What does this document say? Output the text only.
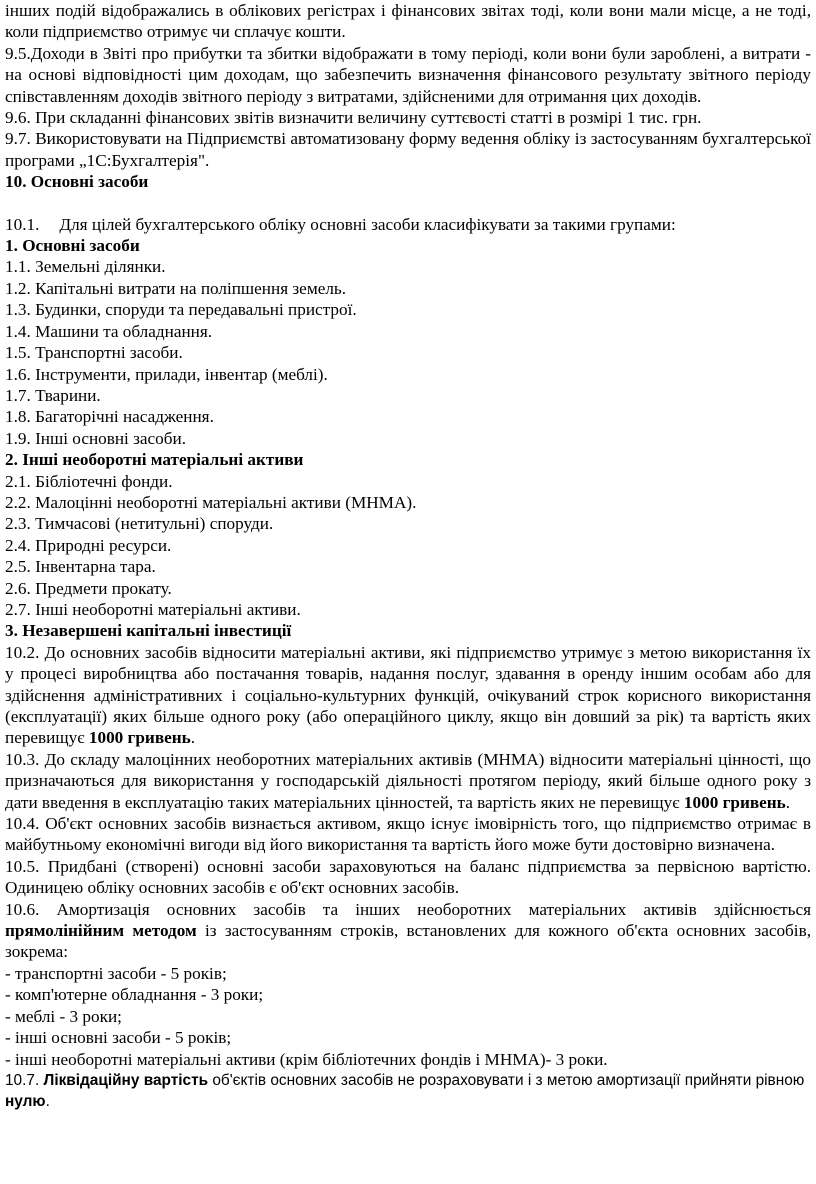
інших подій відображались в облікових регістрах і фінансових звітах тоді, коли вони мали місце, а не тоді, коли підприємство отримує чи сплачує кошти.

9.5.Доходи в Звіті про прибутки та збитки відображати в тому періоді, коли вони були зароблені, а витрати - на основі відповідності цим доходам, що забезпечить визначення фінансового результату звітного періоду співставленням доходів звітного періоду з витратами, здійсненими для отримання цих доходів.

9.6. При складанні фінансових звітів визначити величину суттєвості статті в розмірі 1 тис. грн.

9.7. Використовувати на Підприємстві автоматизовану форму ведення обліку із застосуванням бухгалтерської програми „1С:Бухгалтерія".

10. Основні засоби

10.1. Для цілей бухгалтерського обліку основні засоби класифікувати за такими групами:

1. Основні засоби

1.1. Земельні ділянки.

1.2. Капітальні витрати на поліпшення земель.

1.3. Будинки, споруди та передавальні пристрої.

1.4. Машини та обладнання.

1.5. Транспортні засоби.

1.6. Інструменти, прилади, інвентар (меблі).

1.7. Тварини.

1.8. Багаторічні насадження.

1.9. Інші основні засоби.

2. Інші необоротні матеріальні активи

2.1. Бібліотечні фонди.

2.2. Малоцінні необоротні матеріальні активи (МНМА).

2.3. Тимчасові (нетитульні) споруди.

2.4. Природні ресурси.

2.5. Інвентарна тара.

2.6. Предмети прокату.

2.7. Інші необоротні матеріальні активи.

3. Незавершені капітальні інвестиції

10.2. До основних засобів відносити матеріальні активи, які підприємство утримує з метою використання їх у процесі виробництва або постачання товарів, надання послуг, здавання в оренду іншим особам або для здійснення адміністративних і соціально-культурних функцій, очікуваний строк корисного використання (експлуатації) яких більше одного року (або операційного циклу, якщо він довший за рік) та вартість яких перевищує 1000 гривень.

10.3. До складу малоцінних необоротних матеріальних активів (МНМА) відносити матеріальні цінності, що призначаються для використання у господарській діяльності протягом періоду, який більше одного року з дати введення в експлуатацію таких матеріальних цінностей, та вартість яких не перевищує 1000 гривень.

10.4. Об'єкт основних засобів визнається активом, якщо існує імовірність того, що підприємство отримає в майбутньому економічні вигоди від його використання та вартість його може бути достовірно визначена.

10.5. Придбані (створені) основні засоби зараховуються на баланс підприємства за первісною вартістю. Одиницею обліку основних засобів є об'єкт основних засобів.

10.6. Амортизація основних засобів та інших необоротних матеріальних активів здійснюється прямолінійним методом із застосуванням строків, встановлених для кожного об'єкта основних засобів, зокрема:

- транспортні засоби - 5 років;

- комп'ютерне обладнання - 3 роки;

- меблі - 3 роки;

- інші основні засоби - 5 років;

- інші необоротні матеріальні активи (крім бібліотечних фондів і МНМА)- 3 роки.

10.7. Ліквідаційну вартість об'єктів основних засобів не розраховувати і з метою амортизації прийняти рівною нулю.
